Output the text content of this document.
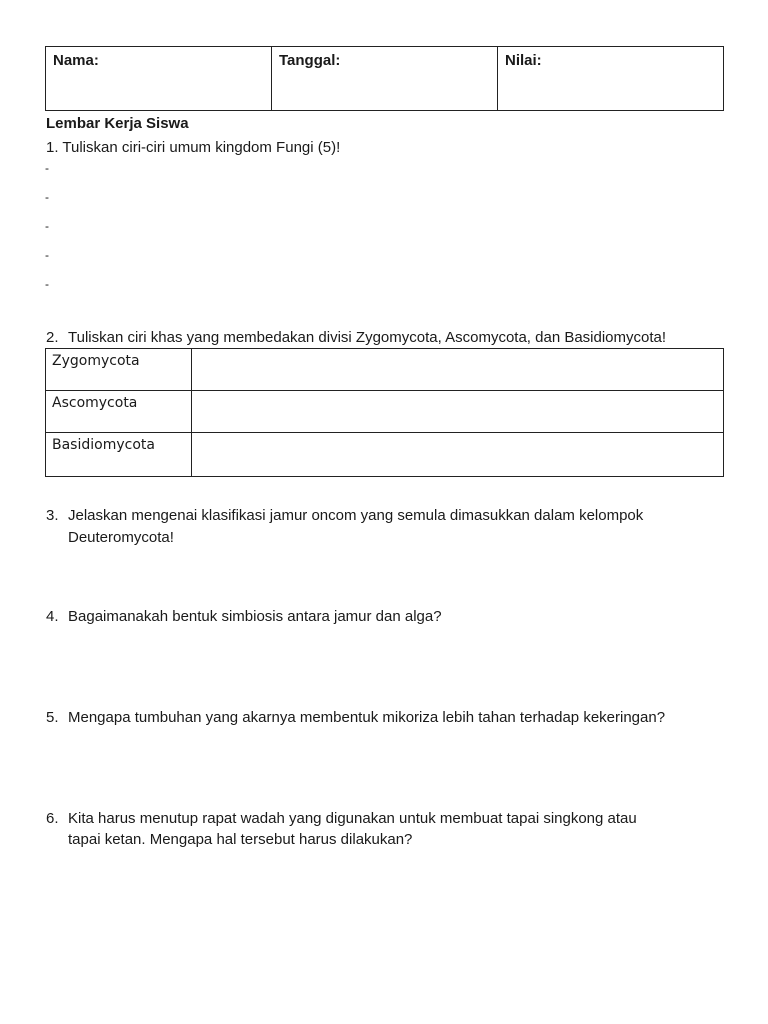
Nama:	Tanggal:	Nilai:
Lembar Kerja Siswa
1. Tuliskan ciri-ciri umum kingdom Fungi (5)!
-
-
-
-
-
2. Tuliskan ciri khas yang membedakan divisi Zygomycota, Ascomycota, dan Basidiomycota!
Zygomycota	
Ascomycota	
Basidiomycota	
3. Jelaskan mengenai klasifikasi jamur oncom yang semula dimasukkan dalam kelompok
Deuteromycota!
4. Bagaimanakah bentuk simbiosis antara jamur dan alga?
5. Mengapa tumbuhan yang akarnya membentuk mikoriza lebih tahan terhadap kekeringan?
6. Kita harus menutup rapat wadah yang digunakan untuk membuat tapai singkong atau
tapai ketan. Mengapa hal tersebut harus dilakukan?
